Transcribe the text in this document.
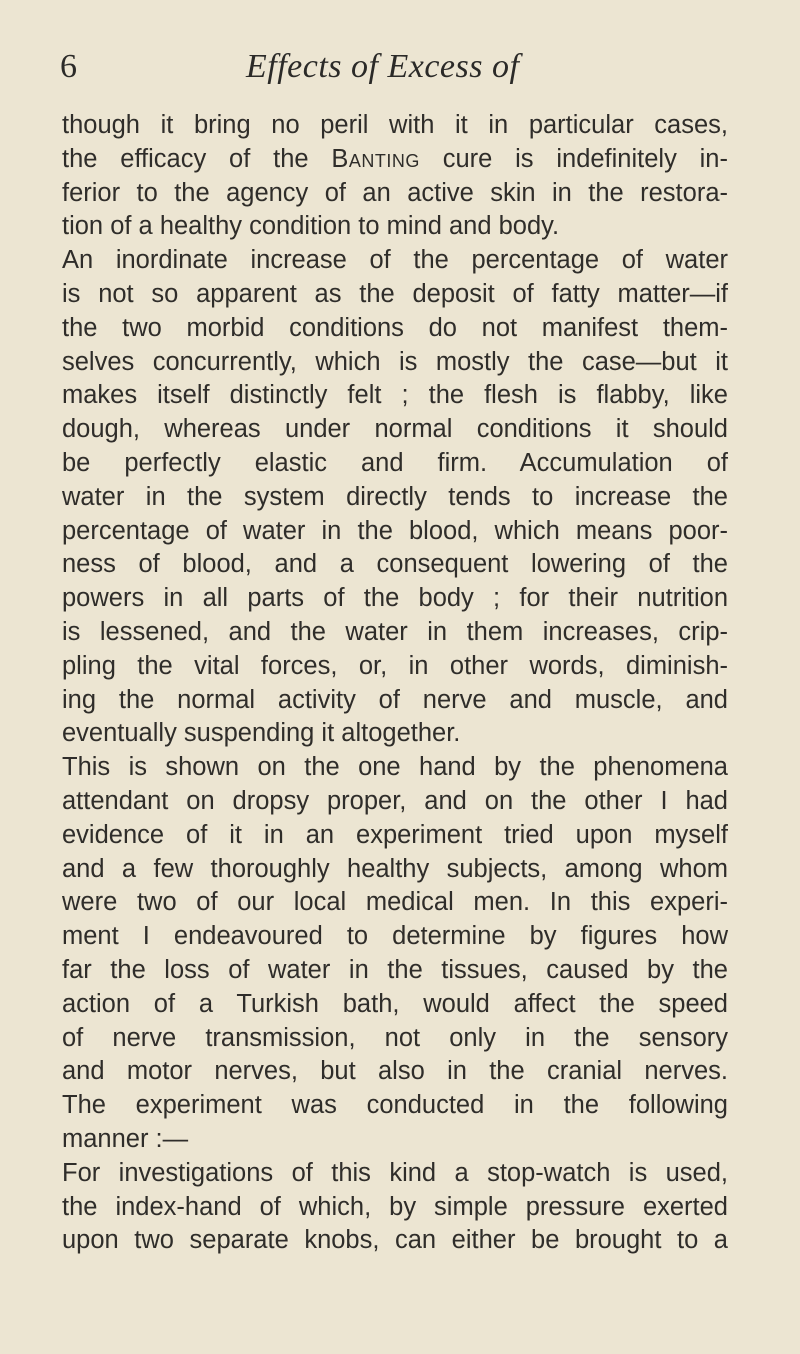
6	Effects of Excess of
though it bring no peril with it in particular cases,
the efficacy of the Banting cure is indefinitely in-
ferior to the agency of an active skin in the restora-
tion of a healthy condition to mind and body.
An inordinate increase of the percentage of water
is not so apparent as the deposit of fatty matter—if
the two morbid conditions do not manifest them-
selves concurrently, which is mostly the case—but it
makes itself distinctly felt ; the flesh is flabby, like
dough, whereas under normal conditions it should
be perfectly elastic and firm. Accumulation of
water in the system directly tends to increase the
percentage of water in the blood, which means poor-
ness of blood, and a consequent lowering of the
powers in all parts of the body ; for their nutrition
is lessened, and the water in them increases, crip-
pling the vital forces, or, in other words, diminish-
ing the normal activity of nerve and muscle, and
eventually suspending it altogether.
This is shown on the one hand by the phenomena
attendant on dropsy proper, and on the other I had
evidence of it in an experiment tried upon myself
and a few thoroughly healthy subjects, among whom
were two of our local medical men. In this experi-
ment I endeavoured to determine by figures how
far the loss of water in the tissues, caused by the
action of a Turkish bath, would affect the speed
of nerve transmission, not only in the sensory
and motor nerves, but also in the cranial nerves.
The experiment was conducted in the following
manner :—
For investigations of this kind a stop-watch is used,
the index-hand of which, by simple pressure exerted
upon two separate knobs, can either be brought to a
